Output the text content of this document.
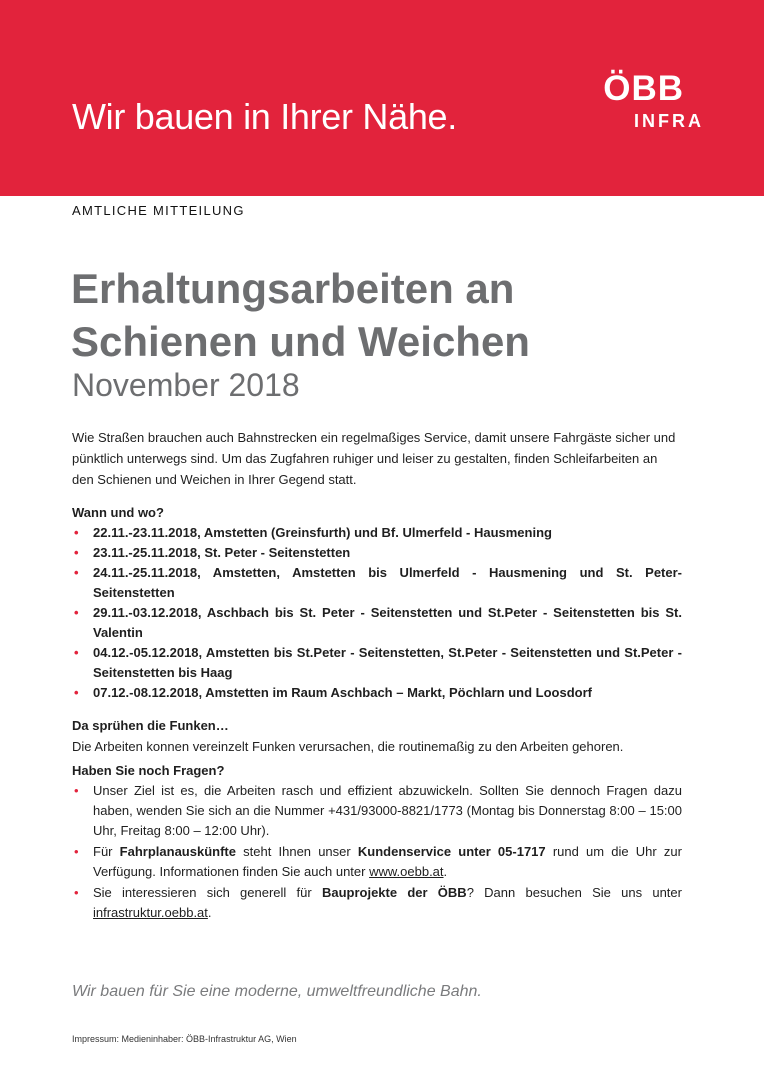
Wir bauen in Ihrer Nähe.
ÖBB
INFRA
AMTLICHE MITTEILUNG
Erhaltungsarbeiten an
Schienen und Weichen
November 2018

Wie Straßen brauchen auch Bahnstrecken ein regelmaßiges Service, damit unsere Fahrgäste sicher und pünktlich unterwegs sind. Um das Zugfahren ruhiger und leiser zu gestalten, finden Schleifarbeiten an den Schienen und Weichen in Ihrer Gegend statt.

Wann und wo?

• 22.11.-23.11.2018, Amstetten (Greinsfurth) und Bf. Ulmerfeld - Hausmening
• 23.11.-25.11.2018, St. Peter - Seitenstetten
• 24.11.-25.11.2018, Amstetten, Amstetten bis Ulmerfeld - Hausmening und St. Peter-Seitenstetten
• 29.11.-03.12.2018, Aschbach bis St. Peter - Seitenstetten und St.Peter - Seitenstetten bis St. Valentin
• 04.12.-05.12.2018, Amstetten bis St.Peter - Seitenstetten, St.Peter - Seitenstetten und St.Peter - Seitenstetten bis Haag
• 07.12.-08.12.2018, Amstetten im Raum Aschbach – Markt, Pöchlarn und Loosdorf

Da sprühen die Funken…

Die Arbeiten konnen vereinzelt Funken verursachen, die routinemaßig zu den Arbeiten gehoren.

Haben Sie noch Fragen?

• Unser Ziel ist es, die Arbeiten rasch und effizient abzuwickeln. Sollten Sie dennoch Fragen dazu haben, wenden Sie sich an die Nummer +431/93000-8821/1773 (Montag bis Donnerstag 8:00 – 15:00 Uhr, Freitag 8:00 – 12:00 Uhr).
• Für Fahrplanauskünfte steht Ihnen unser Kundenservice unter 05-1717 rund um die Uhr zur Verfügung. Informationen finden Sie auch unter www.oebb.at.
• Sie interessieren sich generell für Bauprojekte der ÖBB? Dann besuchen Sie uns unter infrastruktur.oebb.at.
Wir bauen für Sie eine moderne, umweltfreundliche Bahn.
Impressum: Medieninhaber: ÖBB-Infrastruktur AG, Wien
